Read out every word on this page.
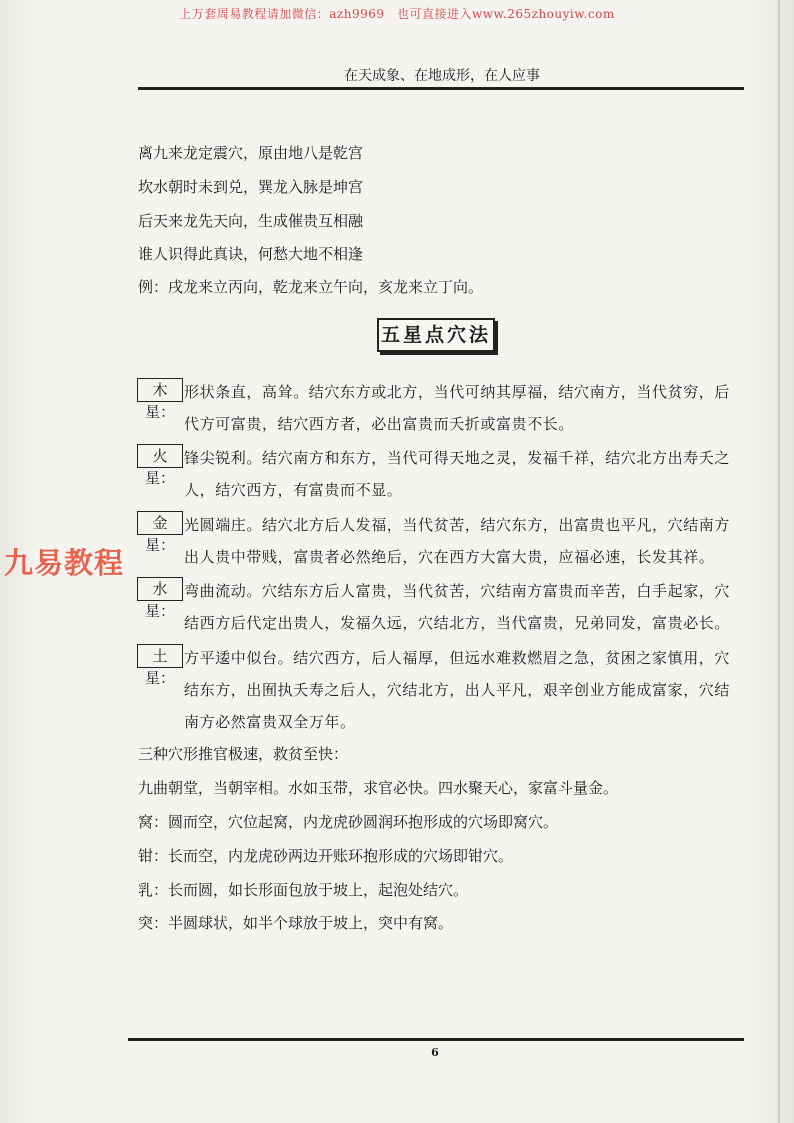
上万套周易教程请加微信：azh9969　也可直接进入www.265zhouyiw.com
在天成象、在地成形，在人应事
离九来龙定震穴，原由地八是乾宫
坎水朝时未到兑，巽龙入脉是坤宫
后天来龙先天向，生成催贵互相融
谁人识得此真诀，何愁大地不相逢
例：戌龙来立丙向，乾龙来立午向，亥龙来立丁向。
五星点穴法
木星：
形状条直，高耸。结穴东方或北方，当代可纳其厚福，结穴南方，当代贫穷，后
代方可富贵，结穴西方者，必出富贵而夭折或富贵不长。
火星：
锋尖锐利。结穴南方和东方，当代可得天地之灵，发福千祥，结穴北方出寿夭之
人，结穴西方，有富贵而不显。
金星：
光圆端庄。结穴北方后人发福，当代贫苦，结穴东方，出富贵也平凡，穴结南方
出人贵中带贱，富贵者必然绝后，穴在西方大富大贵，应福必速，长发其祥。
水星：
弯曲流动。穴结东方后人富贵，当代贫苦，穴结南方富贵而辛苦，白手起家，穴
结西方后代定出贵人，发福久远，穴结北方，当代富贵，兄弟同发，富贵必长。
土星：
方平逶中似台。结穴西方，后人福厚，但远水难救燃眉之急，贫困之家慎用，穴
结东方，出囿执夭寿之后人，穴结北方，出人平凡，艰辛创业方能成富家，穴结
南方必然富贵双全万年。
三种穴形推官极速，救贫至快：
九曲朝堂，当朝宰相。水如玉带，求官必快。四水聚天心，家富斗量金。
窝：圆而空，穴位起窝，内龙虎砂圆润环抱形成的穴场即窝穴。
钳：长而空，内龙虎砂两边开账环抱形成的穴场即钳穴。
乳：长而圆，如长形面包放于坡上，起泡处结穴。
突：半圆球状，如半个球放于坡上，突中有窝。
九易教程
6
